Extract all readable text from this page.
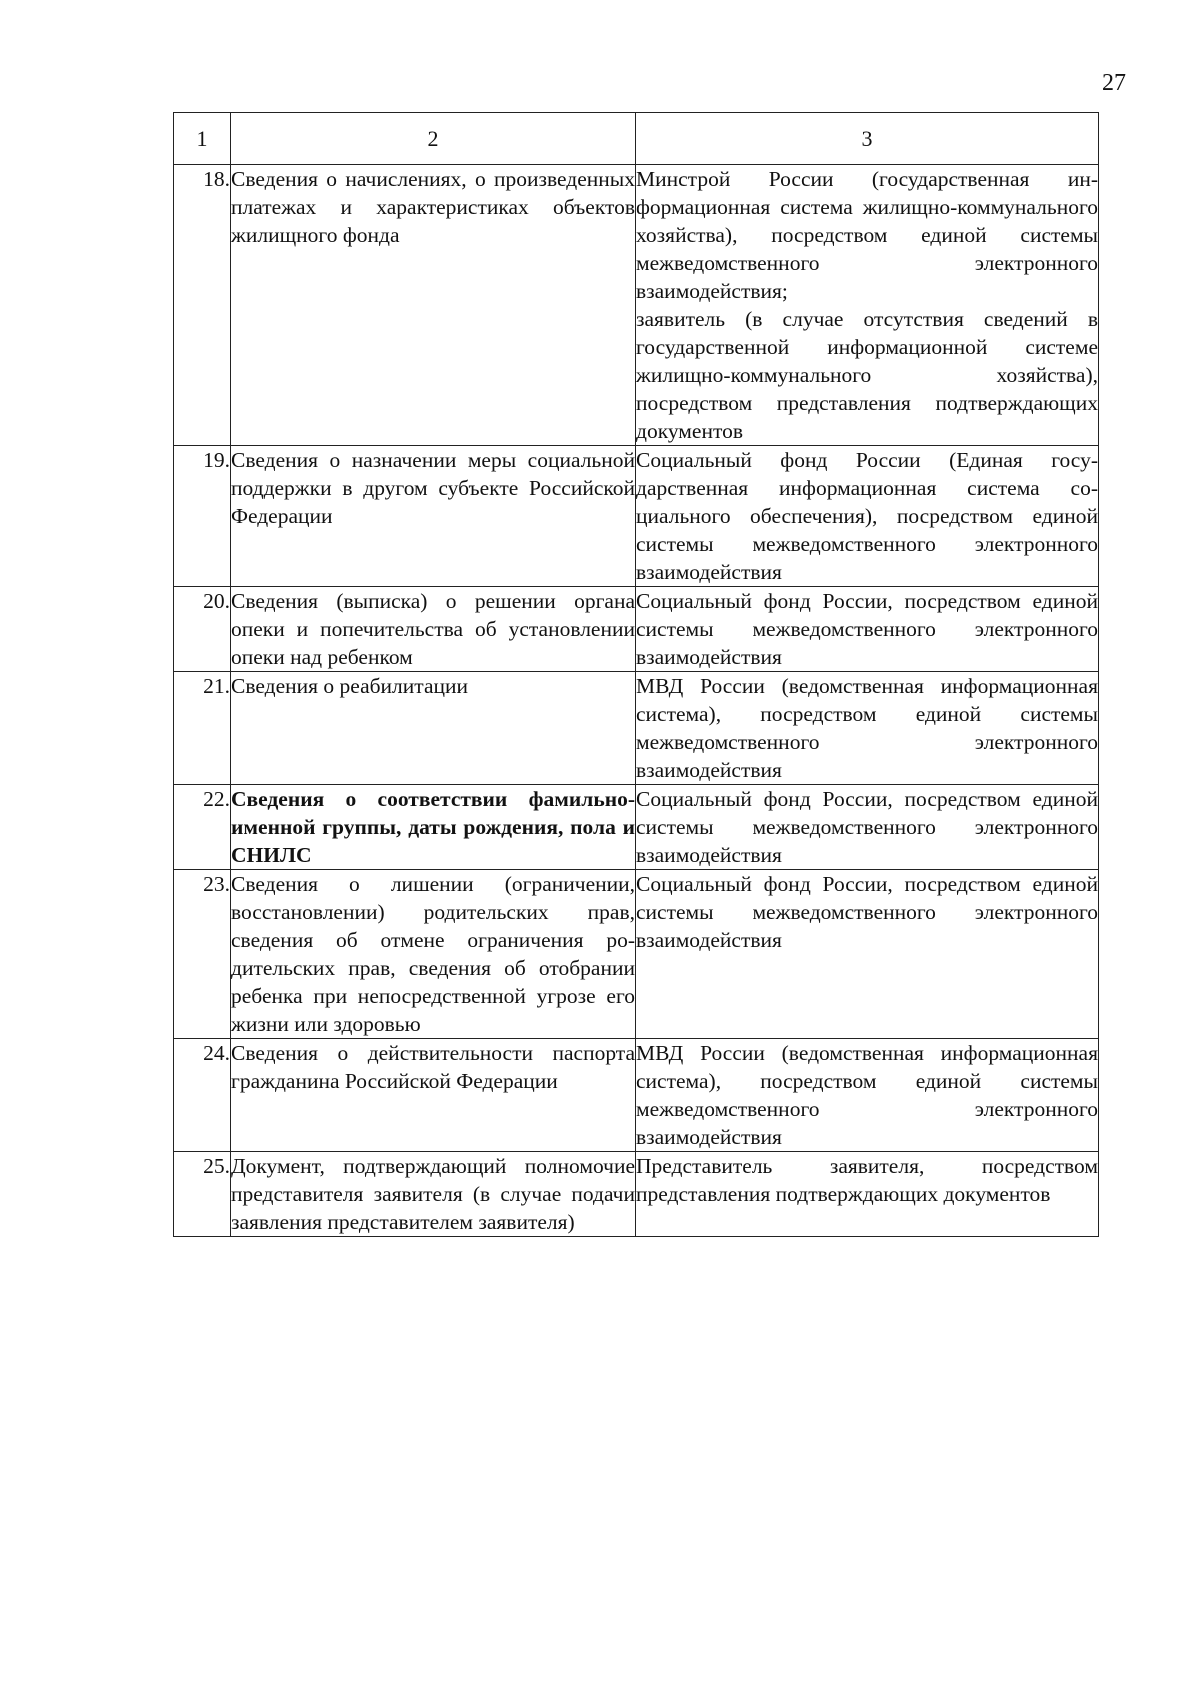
27
1	2	3
18.	Сведения о начислениях, о произведенных платежах и характеристиках объектов жилищного фонда	Минстрой России (государственная информационная система жилищно-коммунального хозяйства), посредством единой системы межведомственного электронного взаимодействия;
заявитель (в случае отсутствия сведений в государственной информационной системе жилищно-коммунального хозяйства), посредством представления подтверждающих документов

19.	Сведения о назначении меры социальной поддержки в другом субъекте Российской Федерации	Социальный фонд России (Единая государственная информационная система социального обеспечения), посредством единой системы межведомственного электронного взаимодействия

20.	Сведения (выписка) о решении органа опеки и попечительства об установлении опеки над ребенком	Социальный фонд России, посредством единой системы межведомственного электронного взаимодействия

21.	Сведения о реабилитации	МВД России (ведомственная информационная система), посредством единой системы межведомственного электронного взаимодействия

22.	Сведения о соответствии фамильно-именной группы, даты рождения, пола и СНИЛС	Социальный фонд России, посредством единой системы межведомственного электронного взаимодействия

23.	Сведения о лишении (ограничении, восстановлении) родительских прав, сведения об отмене ограничения родительских прав, сведения об отобрании ребенка при непосредственной угрозе его жизни или здоровью	Социальный фонд России, посредством единой системы межведомственного электронного взаимодействия

24.	Сведения о действительности паспорта гражданина Российской Федерации	МВД России (ведомственная информационная система), посредством единой системы межведомственного электронного взаимодействия

25.	Документ, подтверждающий полномочие представителя заявителя (в случае подачи заявления представителем заявителя)	Представитель заявителя, посредством представления подтверждающих документов
